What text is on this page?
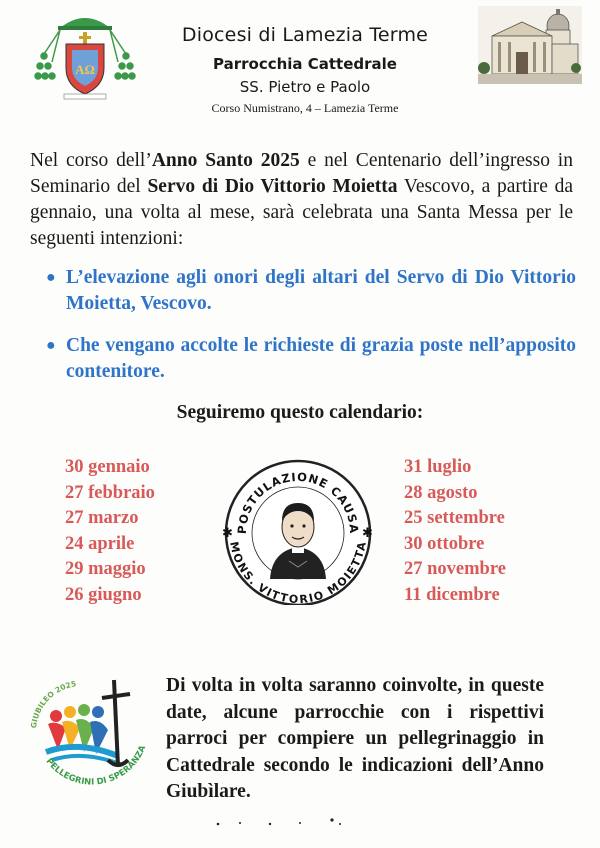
AΩ
Diocesi di Lamezia Terme
Parrocchia Cattedrale
SS. Pietro e Paolo
Corso Numistrano, 4 – Lamezia Terme
Nel corso dell’Anno Santo 2025 e nel Centenario dell’ingresso in Seminario del Servo di Dio Vittorio Moietta Vescovo, a partire da gennaio, una volta al mese, sarà celebrata una Santa Messa per le seguenti intenzioni:
● L’elevazione agli onori degli altari del Servo di Dio Vittorio Moietta, Vescovo.
● Che vengano accolte le richieste di grazia poste nell’apposito contenitore.
Seguiremo questo calendario:
30 gennaio
27 febbraio
27 marzo
24 aprile
29 maggio
26 giugno
31 luglio
28 agosto
25 settembre
30 ottobre
27 novembre
11 dicembre
POSTULAZIONE CAUSA
MONS. VITTORIO MOIETTA
✱	✱
GIUBILEO 2025
PELLEGRINI DI SPERANZA
Di volta in volta saranno coinvolte, in queste date, alcune parrocchie con i rispettivi parroci per compiere un pellegrinaggio in Cattedrale secondo le indicazioni dell’Anno Giubìlare.
